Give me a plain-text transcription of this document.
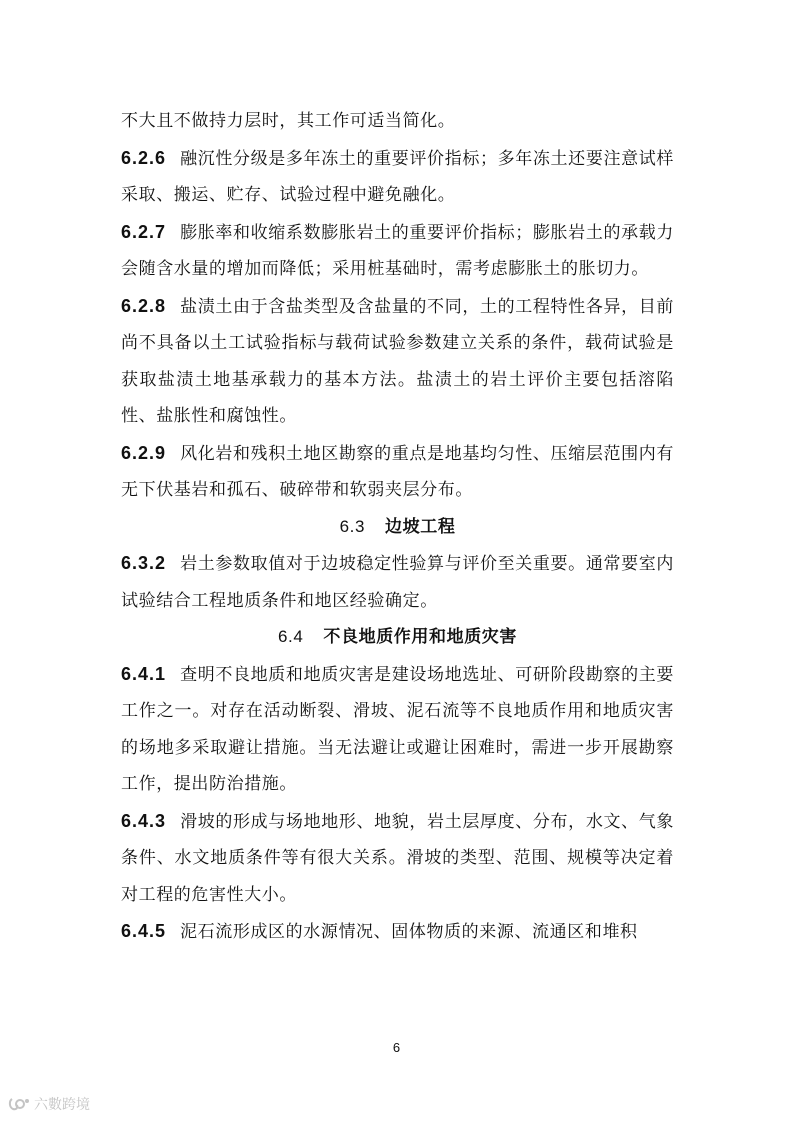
不大且不做持力层时，其工作可适当简化。

6.2.6 融沉性分级是多年冻土的重要评价指标；多年冻土还要注意试样采取、搬运、贮存、试验过程中避免融化。

6.2.7 膨胀率和收缩系数膨胀岩土的重要评价指标；膨胀岩土的承载力会随含水量的增加而降低；采用桩基础时，需考虑膨胀土的胀切力。

6.2.8 盐渍土由于含盐类型及含盐量的不同，土的工程特性各异，目前尚不具备以土工试验指标与载荷试验参数建立关系的条件，载荷试验是获取盐渍土地基承载力的基本方法。盐渍土的岩土评价主要包括溶陷性、盐胀性和腐蚀性。

6.2.9 风化岩和残积土地区勘察的重点是地基均匀性、压缩层范围内有无下伏基岩和孤石、破碎带和软弱夹层分布。

6.3 边坡工程

6.3.2 岩土参数取值对于边坡稳定性验算与评价至关重要。通常要室内试验结合工程地质条件和地区经验确定。

6.4 不良地质作用和地质灾害

6.4.1 查明不良地质和地质灾害是建设场地选址、可研阶段勘察的主要工作之一。对存在活动断裂、滑坡、泥石流等不良地质作用和地质灾害的场地多采取避让措施。当无法避让或避让困难时，需进一步开展勘察工作，提出防治措施。

6.4.3 滑坡的形成与场地地形、地貌，岩土层厚度、分布，水文、气象条件、水文地质条件等有很大关系。滑坡的类型、范围、规模等决定着对工程的危害性大小。

6.4.5 泥石流形成区的水源情况、固体物质的来源、流通区和堆积

6
六數跨境
